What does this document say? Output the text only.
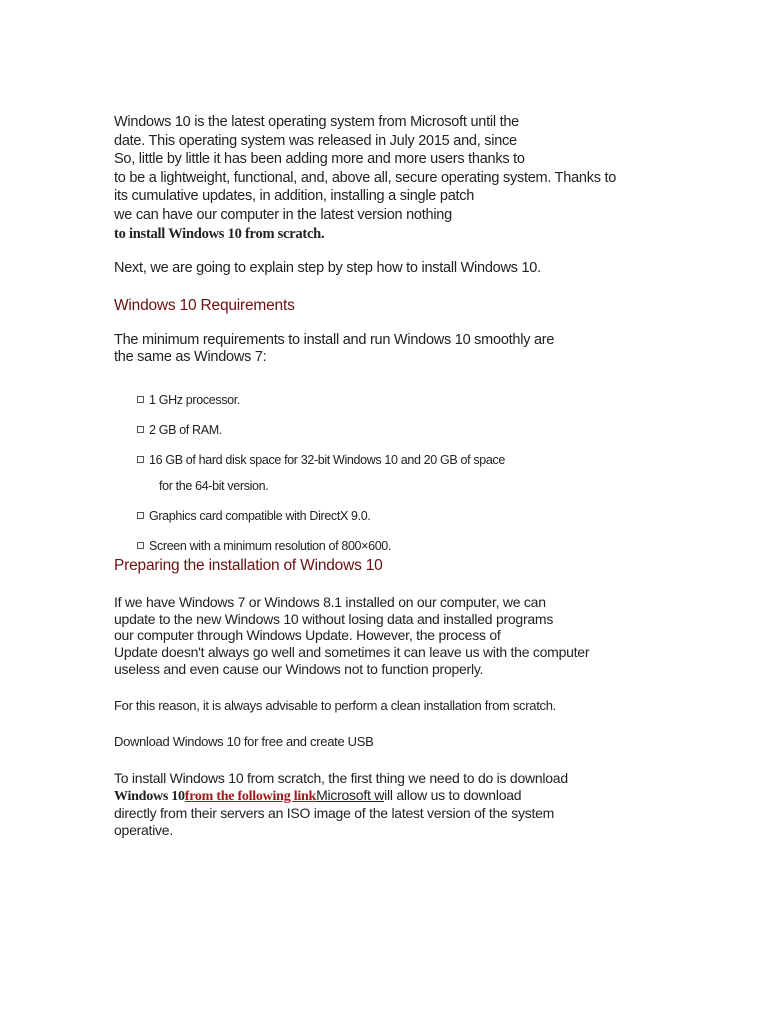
Windows 10 is the latest operating system from Microsoft until the
date. This operating system was released in July 2015 and, since
So, little by little it has been adding more and more users thanks to
to be a lightweight, functional, and, above all, secure operating system. Thanks to
its cumulative updates, in addition, installing a single patch
we can have our computer in the latest version nothing
to install Windows 10 from scratch.
Next, we are going to explain step by step how to install Windows 10.
Windows 10 Requirements
The minimum requirements to install and run Windows 10 smoothly are
the same as Windows 7:
1 GHz processor.
2 GB of RAM.
16 GB of hard disk space for 32-bit Windows 10 and 20 GB of space
for the 64-bit version.
Graphics card compatible with DirectX 9.0.
Screen with a minimum resolution of 800×600.
Preparing the installation of Windows 10
If we have Windows 7 or Windows 8.1 installed on our computer, we can
update to the new Windows 10 without losing data and installed programs
our computer through Windows Update. However, the process of
Update doesn't always go well and sometimes it can leave us with the computer
useless and even cause our Windows not to function properly.
For this reason, it is always advisable to perform a clean installation from scratch.
Download Windows 10 for free and create USB
To install Windows 10 from scratch, the first thing we need to do is download
Windows 10from the following linkMicrosoft will allow us to download
directly from their servers an ISO image of the latest version of the system
operative.
